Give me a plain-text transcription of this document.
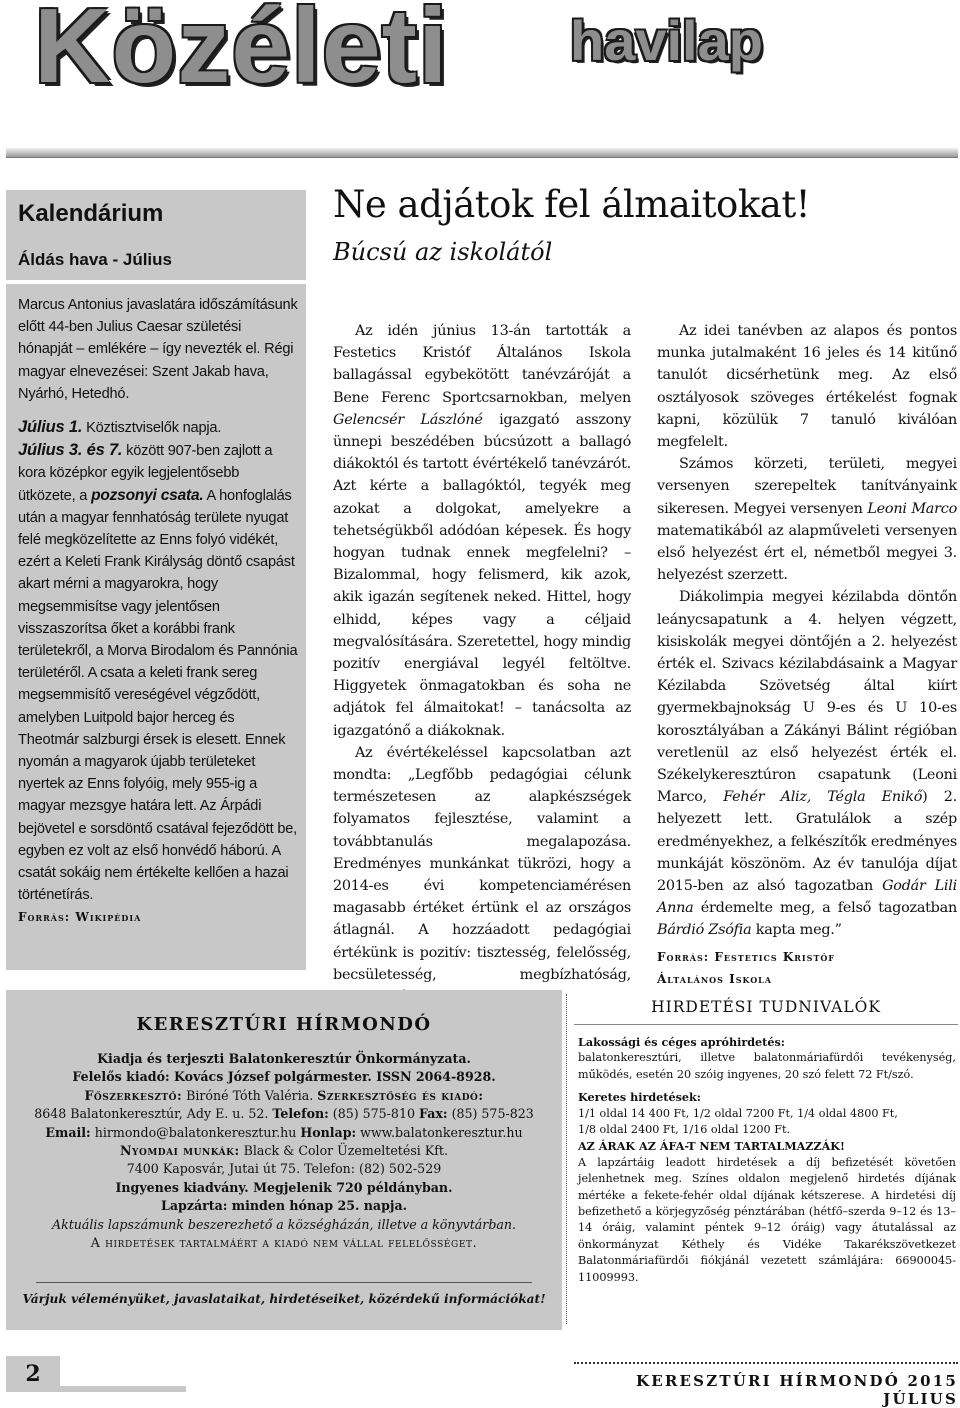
Közéleti havilap
Kalendárium
Áldás hava - Július

Marcus Antonius javaslatára időszámításunk előtt 44-ben Julius Caesar születési hónapját – emlékére – így nevezték el. Régi magyar elnevezései: Szent Jakab hava, Nyárhó, Hetedhó.

Július 1. Köztisztviselők napja.
Július 3. és 7. között 907-ben zajlott a kora középkor egyik legjelentősebb ütközete, a pozsonyi csata. A honfoglalás után a magyar fennhatóság területe nyugat felé megközelítette az Enns folyó vidékét, ezért a Keleti Frank Királyság döntő csapást akart mérni a magyarokra, hogy megsemmisítse vagy jelentősen visszaszorítsa őket a korábbi frank területekről, a Morva Birodalom és Pannónia területéről. A csata a keleti frank sereg megsemmisítő vereségével végződött, amelyben Luitpold bajor herceg és Theotmár salzburgi érsek is elesett. Ennek nyomán a magyarok újabb területeket nyertek az Enns folyóig, mely 955-ig a magyar mezsgye határa lett. Az Árpádi bejövetel e sorsdöntő csatával fejeződött be, egyben ez volt az első honvédő háború. A csatát sokáig nem értékelte kellően a hazai történetírás.
Forrás: Wikipédia

Ne adjátok fel álmaitokat!
Búcsú az iskolától

Az idén június 13-án tartották a Festetics Kristóf Általános Iskola ballagással egybekötött tanévzáróját a Bene Ferenc Sportcsarnokban, melyen Gelencsér Lászlóné igazgató asszony ünnepi beszédében búcsúzott a ballagó diákoktól és tartott évértékelő tanévzárót. Azt kérte a ballagóktól, tegyék meg azokat a dolgokat, amelyekre a tehetségükből adódóan képesek. És hogy hogyan tudnak ennek megfelelni? – Bizalommal, hogy felismerd, kik azok, akik igazán segítenek neked. Hittel, hogy elhidd, képes vagy a céljaid megvalósítására. Szeretettel, hogy mindig pozitív energiával legyél feltöltve. Higgyetek önmagatokban és soha ne adjátok fel álmaitokat! – tanácsolta az igazgatónő a diákoknak.

Az évértékeléssel kapcsolatban azt mondta: „Legfőbb pedagógiai célunk természetesen az alapkészségek folyamatos fejlesztése, valamint a továbbtanulás megalapozása. Eredményes munkánkat tükrözi, hogy a 2014-es évi kompetenciamérésen magasabb értéket értünk el az országos átlagnál. A hozzáadott pedagógiai értékünk is pozitív: tisztesség, felelősség, becsületesség, megbízhatóság,

Az idei tanévben az alapos és pontos munka jutalmaként 16 jeles és 14 kitűnő tanulót dicsérhetünk meg. Az első osztályosok szöveges értékelést fognak kapni, közülük 7 tanuló kiválóan megfelelt.

Számos körzeti, területi, megyei versenyen szerepeltek tanítványaink sikeresen. Megyei versenyen Leoni Marco matematikából az alapműveleti versenyen első helyezést ért el, németből megyei 3. helyezést szerzett.

Diákolimpia megyei kézilabda döntőn leánycsapatunk a 4. helyen végzett, kisiskolák megyei döntőjén a 2. helyezést érték el. Szivacs kézilabdásaink a Magyar Kézilabda Szövetség által kiírt gyermekbajnokság U 9-es és U 10-es korosztályában a Zákányi Bálint régióban veretlenül az első helyezést érték el. Székelykeresztúron csapatunk (Leoni Marco, Fehér Aliz, Tégla Enikő) 2. helyezett lett. Gratulálok a szép eredményekhez, a felkészítők eredményes munkáját köszönöm. Az év tanulója díjat 2015-ben az alsó tagozatban Godár Lili Anna érdemelte meg, a felső tagozatban Bárdió Zsófia kapta meg.”

Forrás: Festetics Kristóf
Általános Iskola

KERESZTÚRI HÍRMONDÓ
Kiadja és terjeszti Balatonkeresztúr Önkormányzata.
Felelős kiadó: Kovács József polgármester. ISSN 2064-8928.
Főszerkesztő: Biróné Tóth Valéria. Szerkesztőség és kiadó:
8648 Balatonkeresztúr, Ady E. u. 52. Telefon: (85) 575-810 Fax: (85) 575-823
Email: hirmondo@balatonkeresztur.hu Honlap: www.balatonkeresztur.hu
Nyomdai munkák: Black & Color Üzemeltetési Kft.
7400 Kaposvár, Jutai út 75. Telefon: (82) 502-529
Ingyenes kiadvány. Megjelenik 720 példányban.
Lapzárta: minden hónap 25. napja.
Aktuális lapszámunk beszerezhető a községházán, illetve a könyvtárban.
A hirdetések tartalmáért a kiadó nem vállal felelősséget.
Várjuk véleményüket, javaslataikat, hirdetéseiket, közérdekű információkat!
HIRDETÉSI TUDNIVALÓK
Lakossági és céges apróhirdetés:
balatonkeresztúri, illetve balatonmáriafürdői tevékenység, működés, esetén 20 szóig ingyenes, 20 szó felett 72 Ft/szó.
Keretes hirdetések:
1/1 oldal 14 400 Ft, 1/2 oldal 7200 Ft, 1/4 oldal 4800 Ft,
1/8 oldal 2400 Ft, 1/16 oldal 1200 Ft.
AZ ÁRAK AZ ÁFA-T NEM TARTALMAZZÁK!
A lapzártáig leadott hirdetések a díj befizetését követően jelenhetnek meg. Színes oldalon megjelenő hirdetés díjának mértéke a fekete-fehér oldal díjának kétszerese. A hirdetési díj befizethető a körjegyzőség pénztárában (hétfő–szerda 9–12 és 13–14 óráig, valamint péntek 9–12 óráig) vagy átutalással az önkormányzat Kéthely és Vidéke Takarékszövetkezet Balatonmáriafürdői fiókjánál vezetett számlájára: 66900045-11009993.
2	KERESZTÚRI HÍRMONDÓ 2015 JÚLIUS
